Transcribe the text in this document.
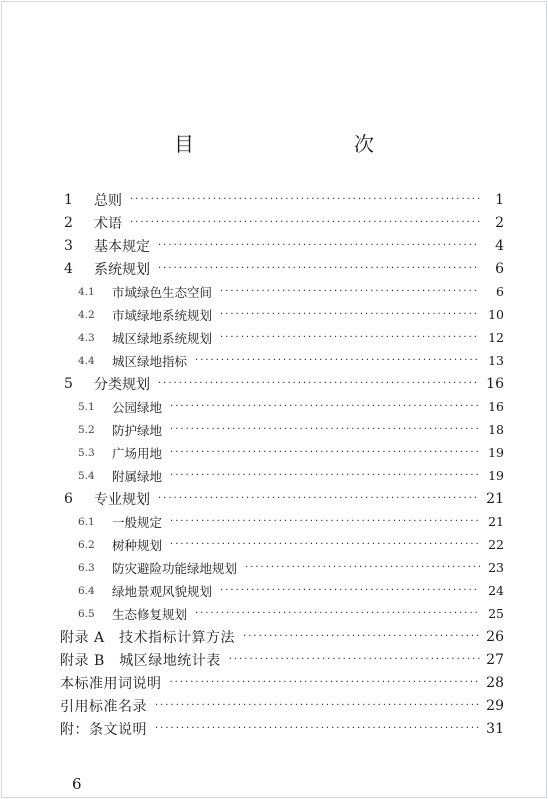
目　　次
1	总则 ·····	1
2	术语 ·····	2
3	基本规定 ·····	4
4	系统规划 ·····	6
4.1	市域绿色生态空间 ·····	6
4.2	市域绿地系统规划 ·····	10
4.3	城区绿地系统规划 ·····	12
4.4	城区绿地指标 ·····	13
5	分类规划 ·····	16
5.1	公园绿地 ·····	16
5.2	防护绿地 ·····	18
5.3	广场用地 ·····	19
5.4	附属绿地 ·····	19
6	专业规划 ·····	21
6.1	一般规定 ·····	21
6.2	树种规划 ·····	22
6.3	防灾避险功能绿地规划 ·····	23
6.4	绿地景观风貌规划 ·····	24
6.5	生态修复规划 ·····	25
附录 A　技术指标计算方法 ·····	26
附录 B　城区绿地统计表 ·····	27
本标准用词说明 ·····	28
引用标准名录 ·····	29
附：条文说明 ·····	31
6
